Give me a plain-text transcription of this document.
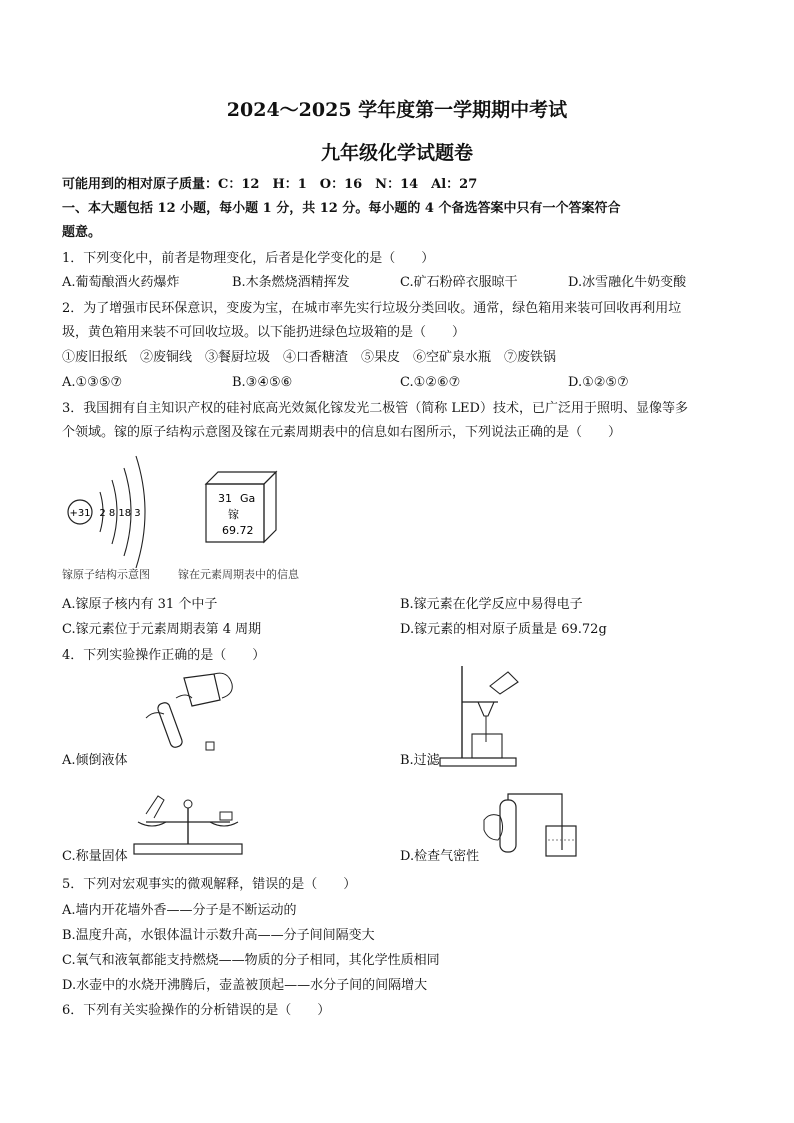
2024～2025 学年度第一学期期中考试
九年级化学试题卷
可能用到的相对原子质量：C：12　H：1　O：16　N：14　Al：27
一、本大题包括 12 小题，每小题 1 分，共 12 分。每小题的 4 个备选答案中只有一个答案符合
题意。
1．下列变化中，前者是物理变化，后者是化学变化的是（　　）
A.葡萄酿酒火药爆炸	B.木条燃烧酒精挥发	C.矿石粉碎衣服晾干	D.冰雪融化牛奶变酸
2．为了增强市民环保意识，变废为宝，在城市率先实行垃圾分类回收。通常，绿色箱用来装可回收再利用垃
圾，黄色箱用来装不可回收垃圾。以下能扔进绿色垃圾箱的是（　　）
①废旧报纸　②废铜线　③餐厨垃圾　④口香糖渣　⑤果皮　⑥空矿泉水瓶　⑦废铁锅
A.①③⑤⑦	B.③④⑤⑥	C.①②⑥⑦	D.①②⑤⑦
3．我国拥有自主知识产权的硅衬底高光效氮化镓发光二极管（简称 LED）技术，已广泛用于照明、显像等多
个领域。镓的原子结构示意图及镓在元素周期表中的信息如右图所示，下列说法正确的是（　　）
+31 2 8 18 3
镓原子结构示意图
31 Ga
镓
69.72
镓在元素周期表中的信息
A.镓原子核内有 31 个中子	B.镓元素在化学反应中易得电子
C.镓元素位于元素周期表第 4 周期	D.镓元素的相对原子质量是 69.72g
4．下列实验操作正确的是（　　）
A.倾倒液体	B.过滤
C.称量固体	D.检查气密性
5．下列对宏观事实的微观解释，错误的是（　　）
A.墙内开花墙外香——分子是不断运动的
B.温度升高，水银体温计示数升高——分子间间隔变大
C.氧气和液氧都能支持燃烧——物质的分子相同，其化学性质相同
D.水壶中的水烧开沸腾后，壶盖被顶起——水分子间的间隔增大
6．下列有关实验操作的分析错误的是（　　）
